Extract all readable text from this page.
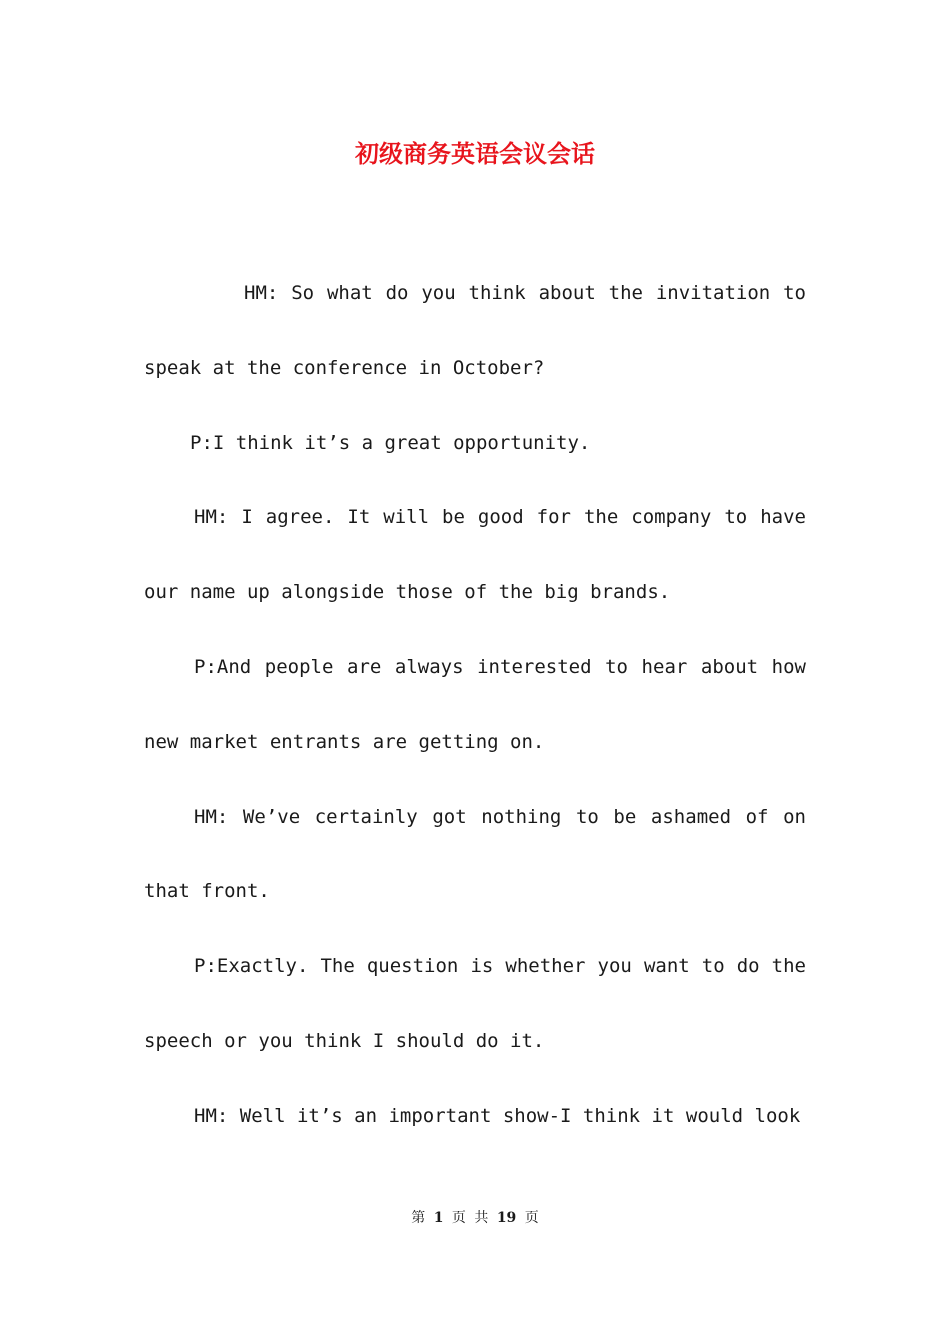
初级商务英语会议会话

HM: So what do you think about the invitation to speak at the conference in October?

P:I think it’s a great opportunity.

HM: I agree. It will be good for the company to have our name up alongside those of the big brands.

P:And people are always interested to hear about how new market entrants are getting on.

HM: We’ve certainly got nothing to be ashamed of on that front.

P:Exactly. The question is whether you want to do the speech or you think I should do it.

HM: Well it’s an important show-I think it would look

第 1 页 共 19 页
